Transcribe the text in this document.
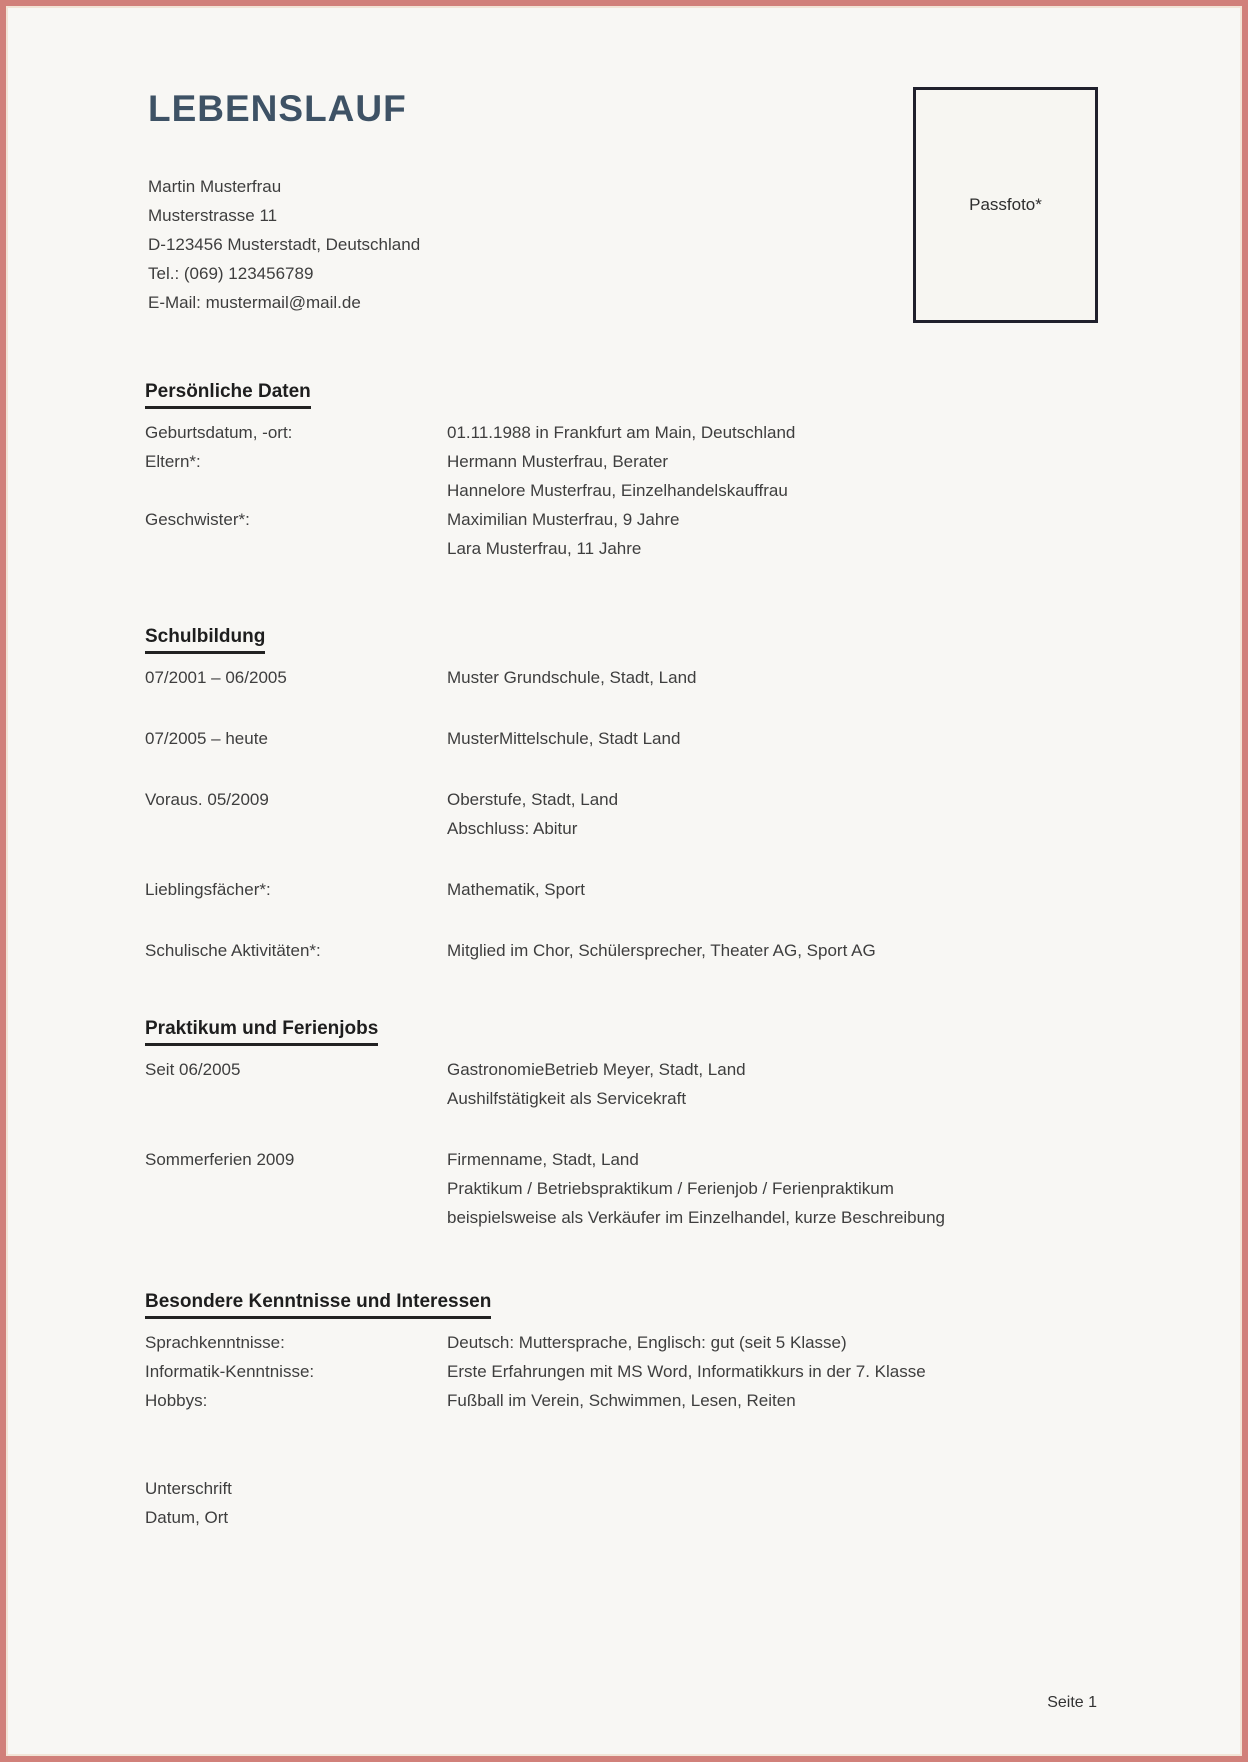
LEBENSLAUF
Martin Musterfrau
Musterstrasse 11
D-123456 Musterstadt, Deutschland
Tel.: (069) 123456789
E-Mail: mustermail@mail.de
Passfoto*
Persönliche Daten
Geburtsdatum, -ort:	01.11.1988 in Frankfurt am Main, Deutschland
Eltern*:	Hermann Musterfrau, Berater
Hannelore Musterfrau, Einzelhandelskauffrau
Geschwister*:	Maximilian Musterfrau, 9 Jahre
Lara Musterfrau, 11 Jahre
Schulbildung
07/2001 – 06/2005	Muster Grundschule, Stadt, Land
07/2005 – heute	MusterMittelschule, Stadt Land
Voraus. 05/2009	Oberstufe, Stadt, Land
Abschluss: Abitur
Lieblingsfächer*:	Mathematik, Sport
Schulische Aktivitäten*:	Mitglied im Chor, Schülersprecher, Theater AG, Sport AG
Praktikum und Ferienjobs
Seit 06/2005	GastronomieBetrieb Meyer, Stadt, Land
Aushilfstätigkeit als Servicekraft
Sommerferien 2009	Firmenname, Stadt, Land
Praktikum / Betriebspraktikum / Ferienjob / Ferienpraktikum
beispielsweise als Verkäufer im Einzelhandel, kurze Beschreibung
Besondere Kenntnisse und Interessen
Sprachkenntnisse:	Deutsch: Muttersprache, Englisch: gut (seit 5 Klasse)
Informatik-Kenntnisse:	Erste Erfahrungen mit MS Word, Informatikkurs in der 7. Klasse
Hobbys:	Fußball im Verein, Schwimmen, Lesen, Reiten
Unterschrift
Datum, Ort
Seite 1
